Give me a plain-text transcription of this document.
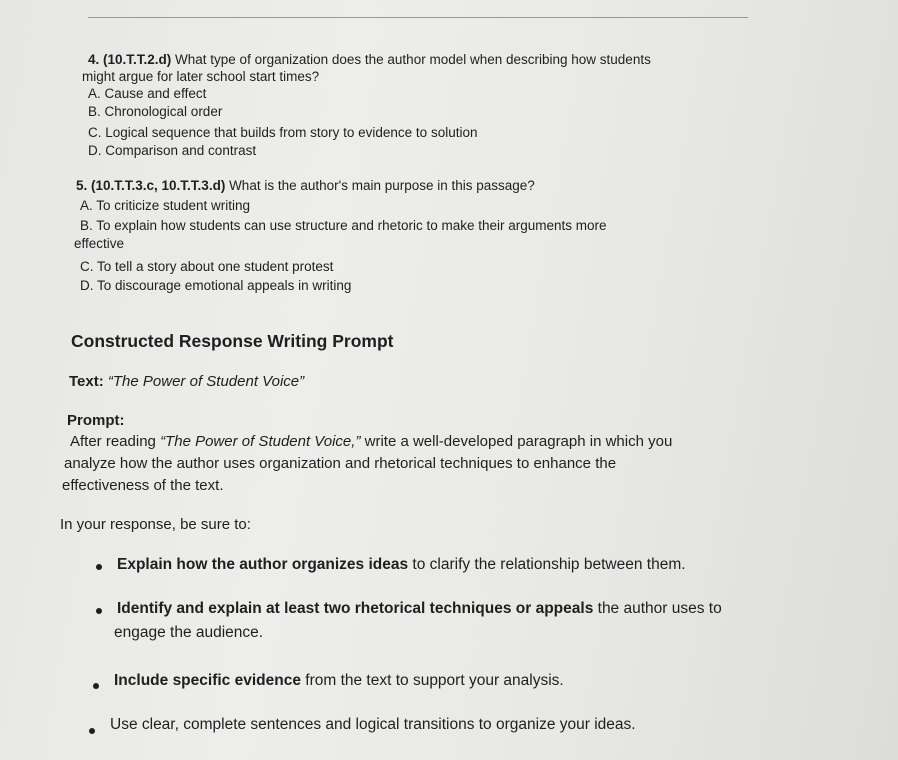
4. (10.T.T.2.d) What type of organization does the author model when describing how students
might argue for later school start times?
A. Cause and effect
B. Chronological order
C. Logical sequence that builds from story to evidence to solution
D. Comparison and contrast
5. (10.T.T.3.c, 10.T.T.3.d) What is the author's main purpose in this passage?
A. To criticize student writing
B. To explain how students can use structure and rhetoric to make their arguments more
effective
C. To tell a story about one student protest
D. To discourage emotional appeals in writing
Constructed Response Writing Prompt
Text: “The Power of Student Voice”
Prompt:
After reading “The Power of Student Voice,” write a well-developed paragraph in which you
analyze how the author uses organization and rhetorical techniques to enhance the
effectiveness of the text.
In your response, be sure to:
Explain how the author organizes ideas to clarify the relationship between them.
Identify and explain at least two rhetorical techniques or appeals the author uses to
engage the audience.
Include specific evidence from the text to support your analysis.
Use clear, complete sentences and logical transitions to organize your ideas.
